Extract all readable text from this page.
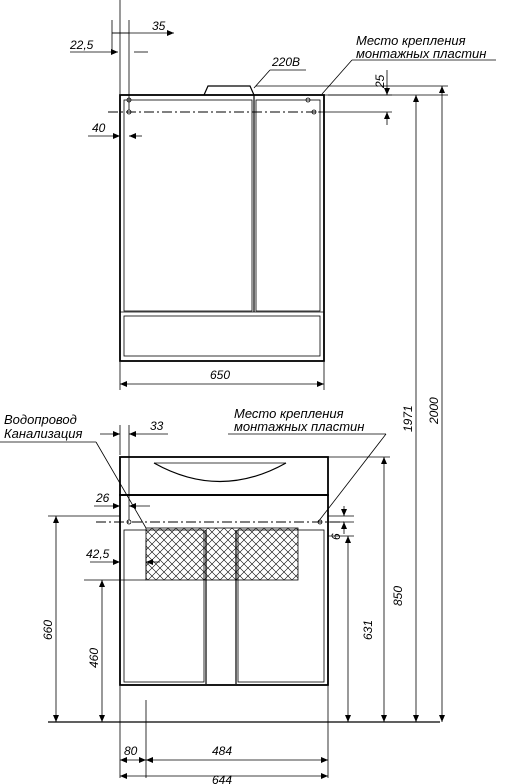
35
22,5
220В
40
650
25
Место крепления
монтажных пластин
Водопровод
Канализация
Место крепления
монтажных пластин
33
26
42,5
6
660
460
631
850
80	484
644
1971 2000
